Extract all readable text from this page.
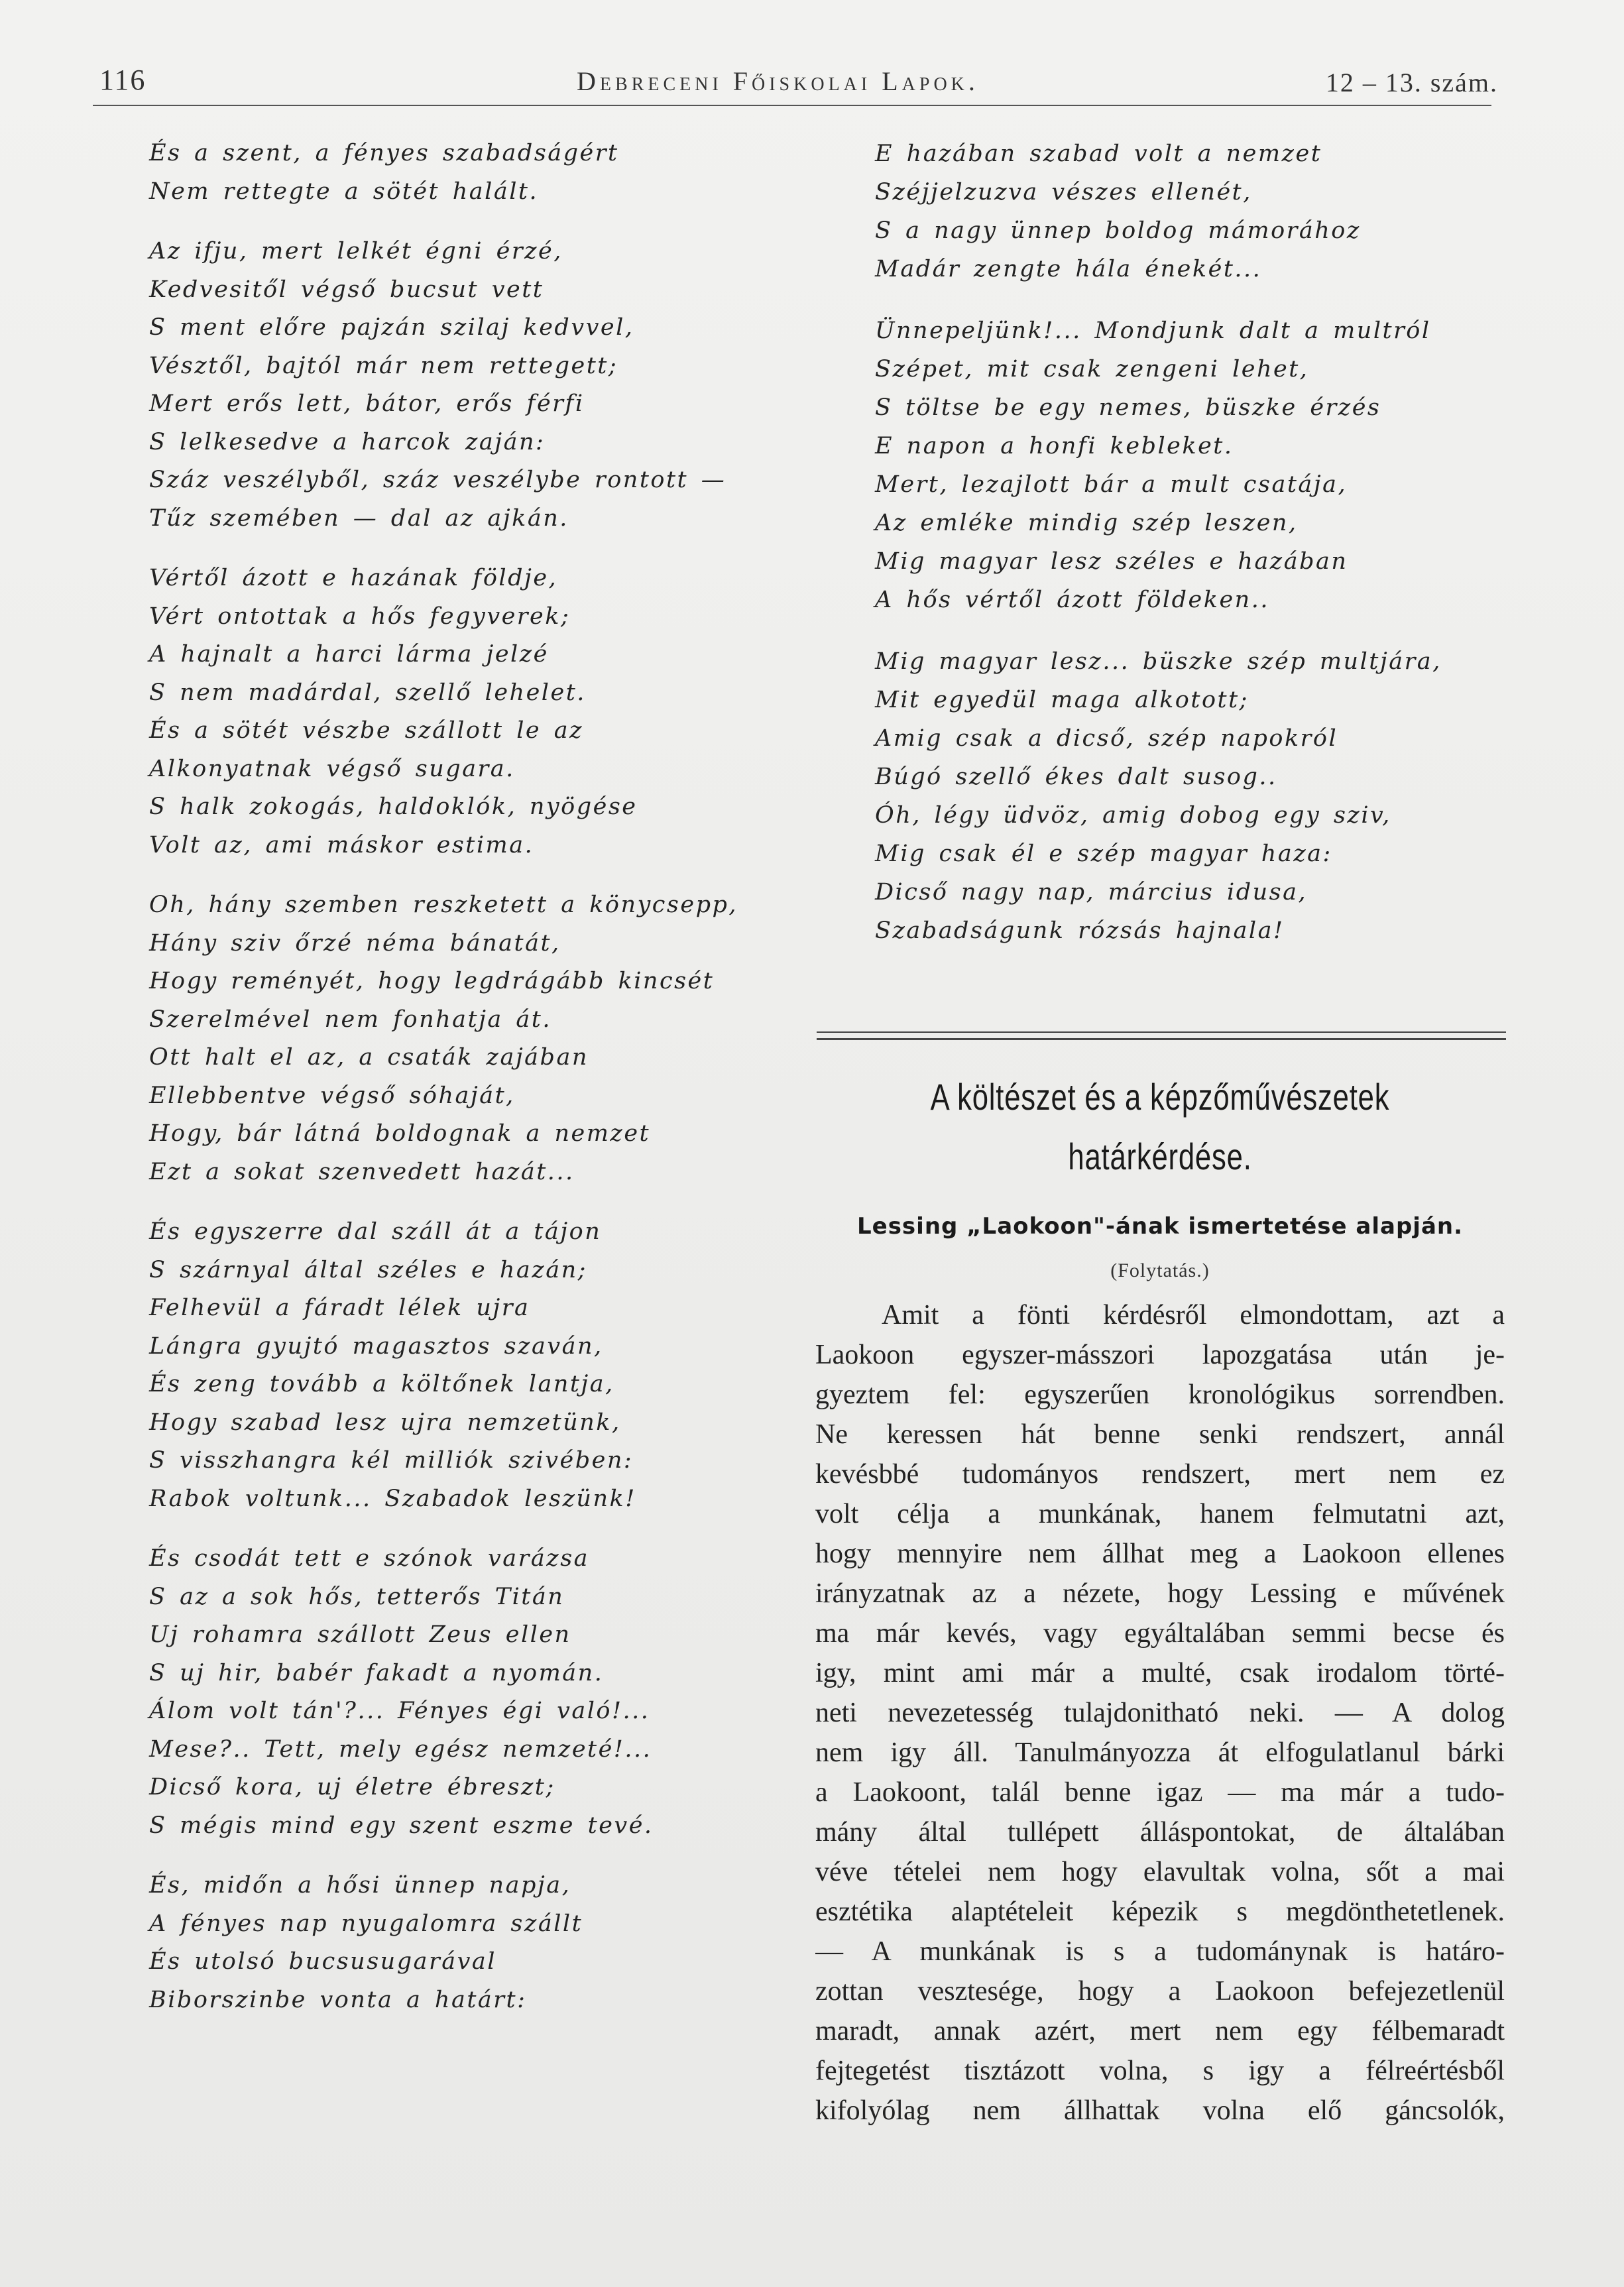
116	Debreceni Főiskolai Lapok.	12 – 13. szám.
És a szent, a fényes szabadságért
Nem rettegte a sötét halált.
Az ifju, mert lelkét égni érzé,
Kedvesitől végső bucsut vett
S ment előre pajzán szilaj kedvvel,
Vésztől, bajtól már nem rettegett;
Mert erős lett, bátor, erős férfi
S lelkesedve a harcok zaján:
Száz veszélyből, száz veszélybe rontott —
Tűz szemében — dal az ajkán.
Vértől ázott e hazának földje,
Vért ontottak a hős fegyverek;
A hajnalt a harci lárma jelzé
S nem madárdal, szellő lehelet.
És a sötét vészbe szállott le az
Alkonyatnak végső sugara.
S halk zokogás, haldoklók, nyögése
Volt az, ami máskor estima.
Oh, hány szemben reszketett a könycsepp,
Hány sziv őrzé néma bánatát,
Hogy reményét, hogy legdrágább kincsét
Szerelmével nem fonhatja át.
Ott halt el az, a csaták zajában
Ellebbentve végső sóhaját,
Hogy, bár látná boldognak a nemzet
Ezt a sokat szenvedett hazát...
És egyszerre dal száll át a tájon
S szárnyal által széles e hazán;
Felhevül a fáradt lélek ujra
Lángra gyujtó magasztos szaván,
És zeng tovább a költőnek lantja,
Hogy szabad lesz ujra nemzetünk,
S visszhangra kél milliók szivében:
Rabok voltunk... Szabadok leszünk!
És csodát tett e szónok varázsa
S az a sok hős, tetterős Titán
Uj rohamra szállott Zeus ellen
S uj hir, babér fakadt a nyomán.
Álom volt tán'?... Fényes égi való!...
Mese?.. Tett, mely egész nemzeté!...
Dicső kora, uj életre ébreszt;
S mégis mind egy szent eszme tevé.
És, midőn a hősi ünnep napja,
A fényes nap nyugalomra szállt
És utolsó bucsusugarával
Biborszinbe vonta a határt:
E hazában szabad volt a nemzet
Széjjelzuzva vészes ellenét,
S a nagy ünnep boldog mámorához
Madár zengte hála énekét...
Ünnepeljünk!... Mondjunk dalt a multról
Szépet, mit csak zengeni lehet,
S töltse be egy nemes, büszke érzés
E napon a honfi kebleket.
Mert, lezajlott bár a mult csatája,
Az emléke mindig szép leszen,
Mig magyar lesz széles e hazában
A hős vértől ázott földeken..
Mig magyar lesz... büszke szép multjára,
Mit egyedül maga alkotott;
Amig csak a dicső, szép napokról
Búgó szellő ékes dalt susog..
Óh, légy üdvöz, amig dobog egy sziv,
Mig csak él e szép magyar haza:
Dicső nagy nap, március idusa,
Szabadságunk rózsás hajnala!
A költészet és a képzőművészetek
határkérdése.
Lessing „Laokoon"-ának ismertetése alapján.
(Folytatás.)
Amit a fönti kérdésről elmondottam, azt a
Laokoon egyszer-másszori lapozgatása után je-
gyeztem fel: egyszerűen kronológikus sorrendben.
Ne keressen hát benne senki rendszert, annál
kevésbbé tudományos rendszert, mert nem ez
volt célja a munkának, hanem felmutatni azt,
hogy mennyire nem állhat meg a Laokoon ellenes
irányzatnak az a nézete, hogy Lessing e művének
ma már kevés, vagy egyáltalában semmi becse és
igy, mint ami már a multé, csak irodalom törté-
neti nevezetesség tulajdonitható neki. — A dolog
nem igy áll. Tanulmányozza át elfogulatlanul bárki
a Laokoont, talál benne igaz — ma már a tudo-
mány által tullépett álláspontokat, de általában
véve tételei nem hogy elavultak volna, sőt a mai
esztétika alaptételeit képezik s megdönthetetlenek.
— A munkának is s a tudománynak is határo-
zottan vesztesége, hogy a Laokoon befejezetlenül
maradt, annak azért, mert nem egy félbemaradt
fejtegetést tisztázott volna, s igy a félreértésből
kifolyólag nem állhattak volna elő gáncsolók,
